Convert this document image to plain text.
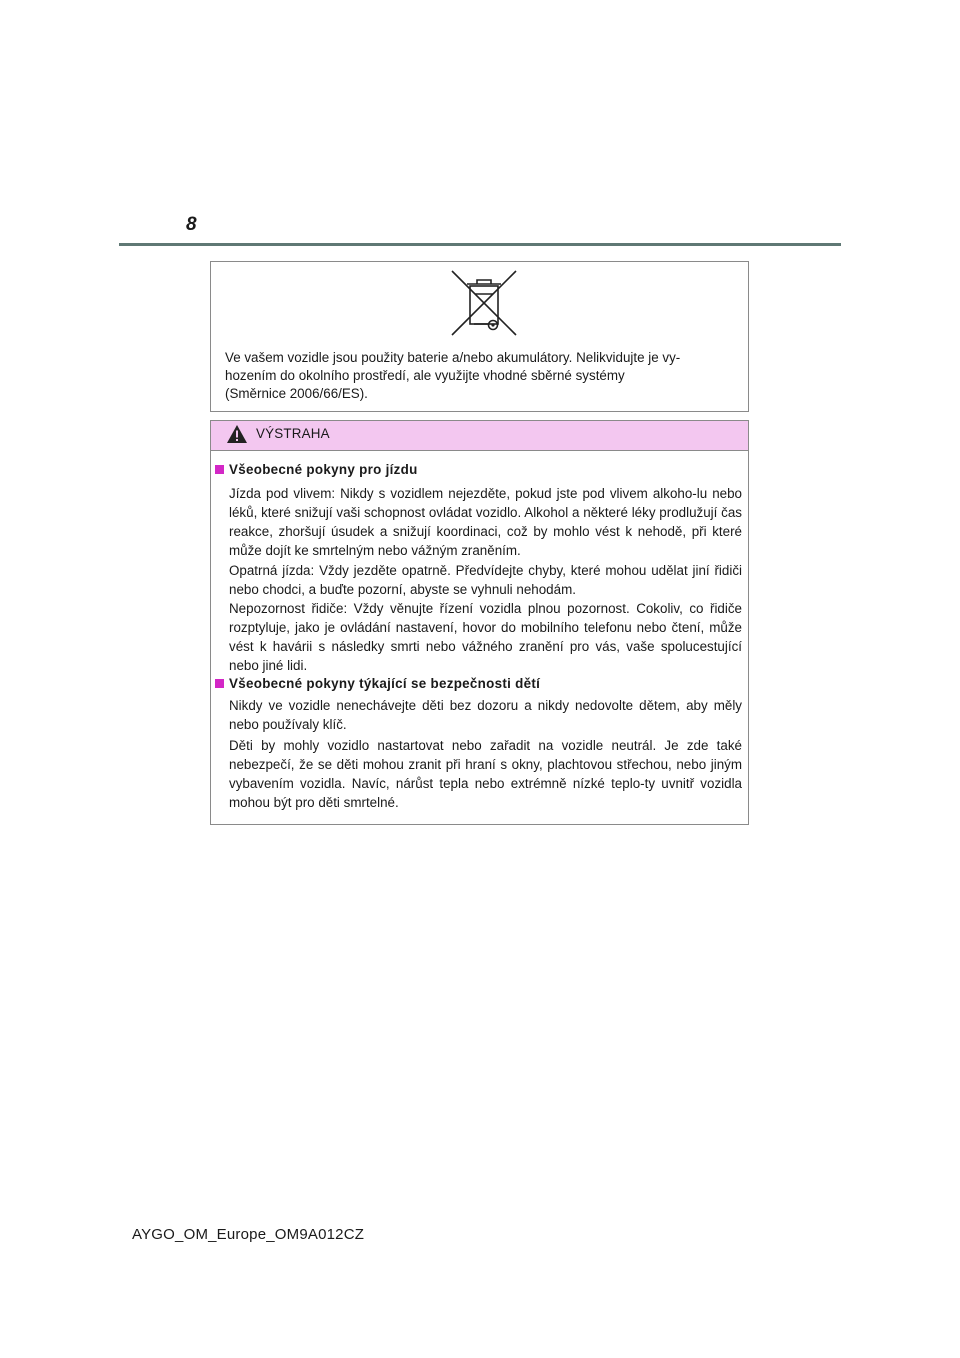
8
Ve vašem vozidle jsou použity baterie a/nebo akumulátory. Nelikvidujte je vy-
hozením do okolního prostředí, ale využijte vhodné sběrné systémy
(Směrnice 2006/66/ES).
VÝSTRAHA
Všeobecné pokyny pro jízdu
Jízda pod vlivem: Nikdy s vozidlem nejezděte, pokud jste pod vlivem alkoho-lu nebo léků, které snižují vaši schopnost ovládat vozidlo. Alkohol a některé léky prodlužují čas reakce, zhoršují úsudek a snižují koordinaci, což by mohlo vést k nehodě, při které může dojít ke smrtelným nebo vážným zraněním.
Opatrná jízda: Vždy jezděte opatrně. Předvídejte chyby, které mohou udělat jiní řidiči nebo chodci, a buďte pozorní, abyste se vyhnuli nehodám.
Nepozornost řidiče: Vždy věnujte řízení vozidla plnou pozornost. Cokoliv, co řidiče rozptyluje, jako je ovládání nastavení, hovor do mobilního telefonu nebo čtení, může vést k havárii s následky smrti nebo vážného zranění pro vás, vaše spolucestující nebo jiné lidi.
Všeobecné pokyny týkající se bezpečnosti dětí
Nikdy ve vozidle nenechávejte děti bez dozoru a nikdy nedovolte dětem, aby měly nebo používaly klíč.
Děti by mohly vozidlo nastartovat nebo zařadit na vozidle neutrál. Je zde také nebezpečí, že se děti mohou zranit při hraní s okny, plachtovou střechou, nebo jiným vybavením vozidla. Navíc, nárůst tepla nebo extrémně nízké teplo-ty uvnitř vozidla mohou být pro děti smrtelné.
AYGO_OM_Europe_OM9A012CZ
